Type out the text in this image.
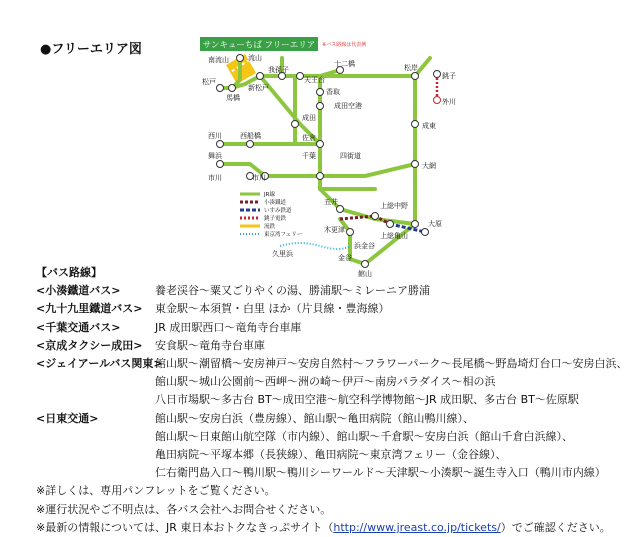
●フリーエリア図	サンキューちば フリーエリア ※バス路線は代表例
南流山	流山
松戸
馬橋
新松戸
我孫子
天王台
十二橋
香取
成田空港
成田
佐倉
千葉
松岸
銚子
外川
成東
大網
西川	西船橋
舞浜
市川	市川
四街道
五井	上総中野
木更津
上総亀山
大原
浜金谷
金谷
久里浜
館山
JR線
小湊鐵道
いすみ鉄道
銚子電鉄
流鉄
東京湾フェリー
【バス路線】
<小湊鐵道バス>	養老渓谷～粟又ごりやくの湯、勝浦駅～ミレーニア勝浦
<九十九里鐵道バス>	東金駅～本須賀・白里 ほか（片貝線・豊海線）
<千葉交通バス>	JR 成田駅西口～竜角寺台車庫
<京成タクシー成田>	安食駅～竜角寺台車庫
<ジェイアールバス関東>
館山駅～潮留橋～安房神戸～安房自然村～フラワーパーク～長尾橋～野島埼灯台口～安房白浜、
館山駅～城山公園前～西岬～洲の崎～伊戸～南房パラダイス～相の浜
八日市場駅～多古台 BT～成田空港～航空科学博物館～JR 成田駅、多古台 BT～佐原駅
<日東交通>	館山駅～安房白浜（豊房線）、館山駅～亀田病院（館山鴨川線）、
館山駅～日東館山航空隊（市内線）、館山駅～千倉駅～安房白浜（館山千倉白浜線）、
亀田病院～平塚本郷（長狭線）、亀田病院～東京湾フェリー（金谷線）、
仁右衛門島入口～鴨川駅～鴨川シーワールド～天津駅～小湊駅～誕生寺入口（鴨川市内線）
※詳しくは、専用パンフレットをご覧ください。
※運行状況やご不明点は、各バス会社へお問合せください。
※最新の情報については、JR 東日本おトクなきっぷサイト（http://www.jreast.co.jp/tickets/）でご確認ください。
